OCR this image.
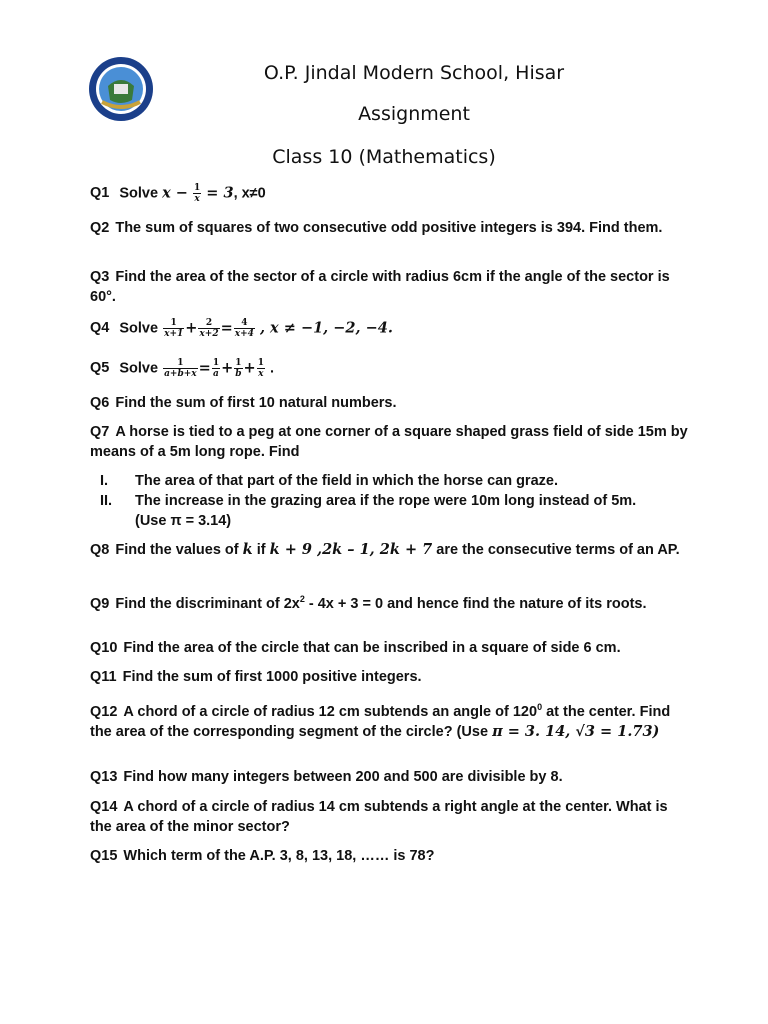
O.P. Jindal Modern School, Hisar
Assignment
Class 10 (Mathematics)
Q1 Solve $x - \frac{1}{x} = 3$, x≠0
Q2 The sum of squares of two consecutive odd positive integers is 394. Find them.
Q3 Find the area of the sector of a circle with radius 6cm if the angle of the sector is 60°.
Q4 Solve $\frac{1}{x+1} + \frac{2}{x+2} = \frac{4}{x+4}$ , x ≠ −1, −2, −4.
Q5 Solve $\frac{1}{a+b+x} = \frac{1}{a} + \frac{1}{b} + \frac{1}{x}$ .
Q6 Find the sum of first 10 natural numbers.
Q7 A horse is tied to a peg at one corner of a square shaped grass field of side 15m by means of a 5m long rope. Find
I. The area of that part of the field in which the horse can graze.
II. The increase in the grazing area if the rope were 10m long instead of 5m.
(Use π = 3.14)
Q8 Find the values of k if k + 9 ,2k – 1, 2k + 7 are the consecutive terms of an AP.
Q9 Find the discriminant of $2x^2 - 4x + 3 = 0$ and hence find the nature of its roots.
Q10 Find the area of the circle that can be inscribed in a square of side 6 cm.
Q11 Find the sum of first 1000 positive integers.
Q12 A chord of a circle of radius 12 cm subtends an angle of $120^0$ at the center. Find the area of the corresponding segment of the circle? (Use π = 3. 14, √3 = 1.73)
Q13 Find how many integers between 200 and 500 are divisible by 8.
Q14 A chord of a circle of radius 14 cm subtends a right angle at the center. What is the area of the minor sector?
Q15 Which term of the A.P. 3, 8, 13, 18, …… is 78?
